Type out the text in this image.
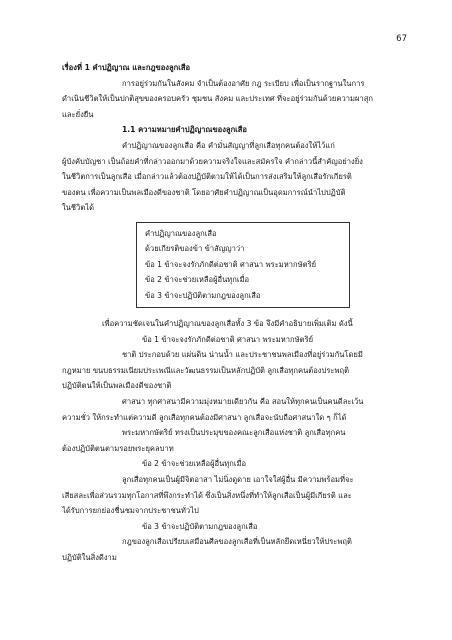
67

เรื่องที่ 1 คำปฏิญาณ และกฎของลูกเสือ

การอยู่ร่วมกันในสังคม จำเป็นต้องอาศัย กฎ ระเบียบ เพื่อเป็นรากฐานในการ

ดำเนินชีวิตให้เป็นปกติสุขของครอบครัว ชุมชน สังคม และประเทศ ที่จะอยู่ร่วมกันด้วยความผาสุก

และยั่งยืน

1.1 ความหมายคำปฏิญาณของลูกเสือ

คำปฏิญาณของลูกเสือ คือ คำมั่นสัญญาที่ลูกเสือทุกคนต้องให้ไว้แก่

ผู้บังคับบัญชา เป็นถ้อยคำที่กล่าวออกมาด้วยความจริงใจและสมัครใจ คำกล่าวนี้สำคัญอย่างยิ่ง

ในชีวิตการเป็นลูกเสือ เมื่อกล่าวแล้วต้องปฏิบัติตามให้ได้เป็นการส่งเสริมให้ลูกเสือรักเกียรติ

ของตน เพื่อความเป็นพลเมืองดีของชาติ โดยอาศัยคำปฏิญาณเป็นอุดมการณ์นำไปปฏิบัติ

ในชีวิตได้

คำปฏิญาณของลูกเสือ
ด้วยเกียรติของข้า ข้าสัญญาว่า
ข้อ 1 ข้าจะจงรักภักดีต่อชาติ ศาสนา พระมหากษัตริย์
ข้อ 2 ข้าจะช่วยเหลือผู้อื่นทุกเมื่อ
ข้อ 3 ข้าจะปฏิบัติตามกฎของลูกเสือ

เพื่อความชัดเจนในคำปฏิญาณของลูกเสือทั้ง 3 ข้อ จึงมีคำอธิบายเพิ่มเติม ดังนี้

ข้อ 1 ข้าจะจงรักภักดีต่อชาติ ศาสนา พระมหากษัตริย์

ชาติ ประกอบด้วย แผ่นดิน น่านน้ำ และประชาชนพลเมืองที่อยู่ร่วมกันโดยมี

กฎหมาย ขนบธรรมเนียมประเพณีและวัฒนธรรมเป็นหลักปฏิบัติ ลูกเสือทุกคนต้องประพฤติ

ปฏิบัติตนให้เป็นพลเมืองดีของชาติ

ศาสนา ทุกศาสนามีความมุ่งหมายเดียวกัน คือ สอนให้ทุกคนเป็นคนดีละเว้น

ความชั่ว ให้กระทำแต่ความดี ลูกเสือทุกคนต้องมีศาสนา ลูกเสือจะนับถือศาสนาใด ๆ ก็ได้

พระมหากษัตริย์ ทรงเป็นประมุขของคณะลูกเสือแห่งชาติ ลูกเสือทุกคน

ต้องปฏิบัติตนตามรอยพระยุคลบาท

ข้อ 2 ข้าจะช่วยเหลือผู้อื่นทุกเมื่อ

ลูกเสือทุกคนเป็นผู้มีจิตอาสา ไม่นิ่งดูดาย เอาใจใส่ผู้อื่น มีความพร้อมที่จะ

เสียสละเพื่อส่วนรวมทุกโอกาสที่พึงกระทำได้ ซึ่งเป็นสิ่งหนึ่งที่ทำให้ลูกเสือเป็นผู้มีเกียรติ และ

ได้รับการยกย่องชื่นชมจากประชาชนทั่วไป

ข้อ 3 ข้าจะปฏิบัติตามกฎของลูกเสือ

กฎของลูกเสือเปรียบเสมือนศีลของลูกเสือที่เป็นหลักยึดเหนี่ยวให้ประพฤติ

ปฏิบัติในสิ่งดีงาม
